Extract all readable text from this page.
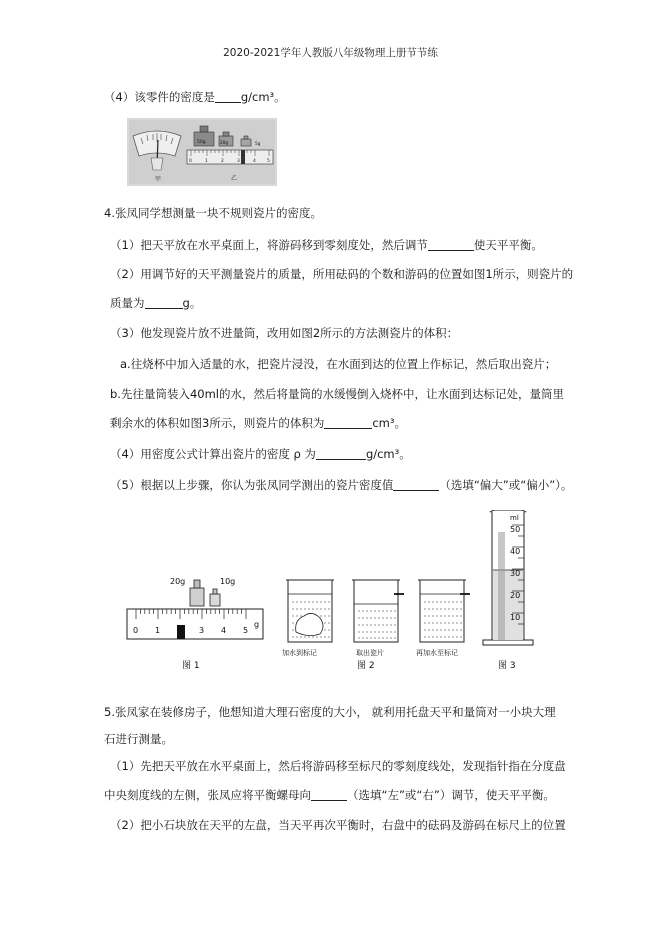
2020-2021学年人教版八年级物理上册节节练
（4）该零件的密度是 g/cm³。
甲
50g	20g	5g
0	1	2	3	4 5
乙
4.张凤同学想测量一块不规则瓷片的密度。
（1）把天平放在水平桌面上，将游码移到零刻度处，然后调节	使天平平衡。
（2）用调节好的天平测量瓷片的质量，所用砝码的个数和游码的位置如图1所示，则瓷片的
质量为	g。
（3）他发现瓷片放不进量筒，改用如图2所示的方法测瓷片的体积：
a.往烧杯中加入适量的水，把瓷片浸没，在水面到达的位置上作标记，然后取出瓷片；
b.先往量筒装入40ml的水，然后将量筒的水缓慢倒入烧杯中，让水面到达标记处，量筒里
剩余水的体积如图3所示，则瓷片的体积为	cm³。
（4）用密度公式计算出瓷片的密度 ρ 为	g/cm³。
（5）根据以上步骤，你认为张凤同学测出的瓷片密度值	（选填“偏大”或“偏小”）。
20g	10g
0 1	3 4 5
g
图 1
加水到标记	取出瓷片	再加水至标记
图 2
ml
50
40
30
20
10
图 3
5.张凤家在装修房子，他想知道大理石密度的大小， 就利用托盘天平和量筒对一小块大理
石进行测量。
（1）先把天平放在水平桌面上，然后将游码移至标尺的零刻度线处，发现指针指在分度盘
中央刻度线的左侧，张凤应将平衡螺母向	（选填“左”或“右”）调节，使天平平衡。
（2）把小石块放在天平的左盘，当天平再次平衡时，右盘中的砝码及游码在标尺上的位置
